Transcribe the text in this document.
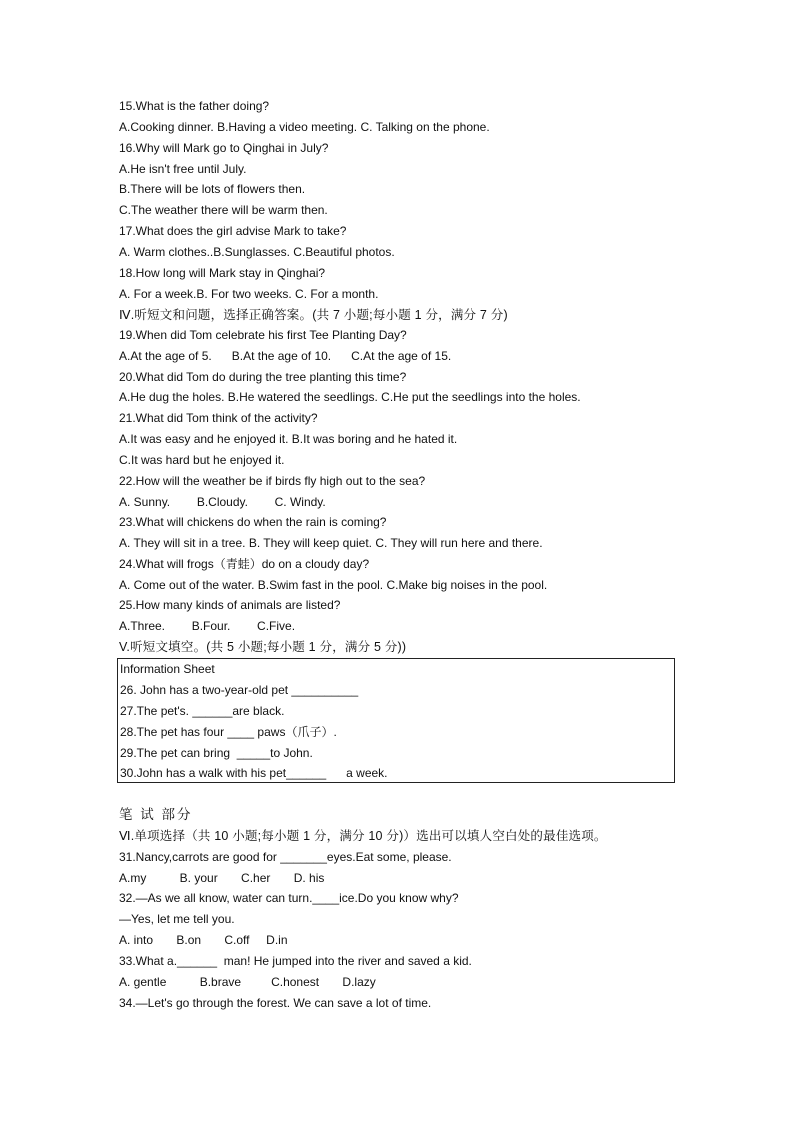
15.What is the father doing?
A.Cooking dinner. B.Having a video meeting. C. Talking on the phone.
16.Why will Mark go to Qinghai in July?
A.He isn't free until July.
B.There will be lots of flowers then.
C.The weather there will be warm then.
17.What does the girl advise Mark to take?
A. Warm clothes..B.Sunglasses. C.Beautiful photos.
18.How long will Mark stay in Qinghai?
A. For a week.B. For two weeks. C. For a month.
Ⅳ.听短文和问题，选择正确答案。(共 7 小题;每小题 1 分，满分 7 分)
19.When did Tom celebrate his first Tee Planting Day?
A.At the age of 5.      B.At the age of 10.      C.At the age of 15.
20.What did Tom do during the tree planting this time?
A.He dug the holes. B.He watered the seedlings. C.He put the seedlings into the holes.
21.What did Tom think of the activity?
A.It was easy and he enjoyed it. B.It was boring and he hated it.
C.It was hard but he enjoyed it.
22.How will the weather be if birds fly high out to the sea?
A. Sunny.        B.Cloudy.        C. Windy.
23.What will chickens do when the rain is coming?
A. They will sit in a tree. B. They will keep quiet. C. They will run here and there.
24.What will frogs（青蛙）do on a cloudy day?
A. Come out of the water. B.Swim fast in the pool. C.Make big noises in the pool.
25.How many kinds of animals are listed?
A.Three.        B.Four.        C.Five.
V.听短文填空。(共 5 小题;每小题 1 分，满分 5 分))
Information Sheet
26. John has a two-year-old pet __________
27.The pet's. ______are black.
28.The pet has four ____ paws（爪子）.
29.The pet can bring  _____to John.
30.John has a walk with his pet______      a week.
笔 试 部分
Ⅵ.单项选择（共 10 小题;每小题 1 分，满分 10 分)）选出可以填人空白处的最佳选项。
31.Nancy,carrots are good for _______eyes.Eat some, please.
A.my          B. your       C.her       D. his
32.—As we all know, water can turn.____ice.Do you know why?
—Yes, let me tell you.
A. into       B.on       C.off     D.in
33.What a.______  man! He jumped into the river and saved a kid.
A. gentle          B.brave         C.honest       D.lazy
34.—Let's go through the forest. We can save a lot of time.
